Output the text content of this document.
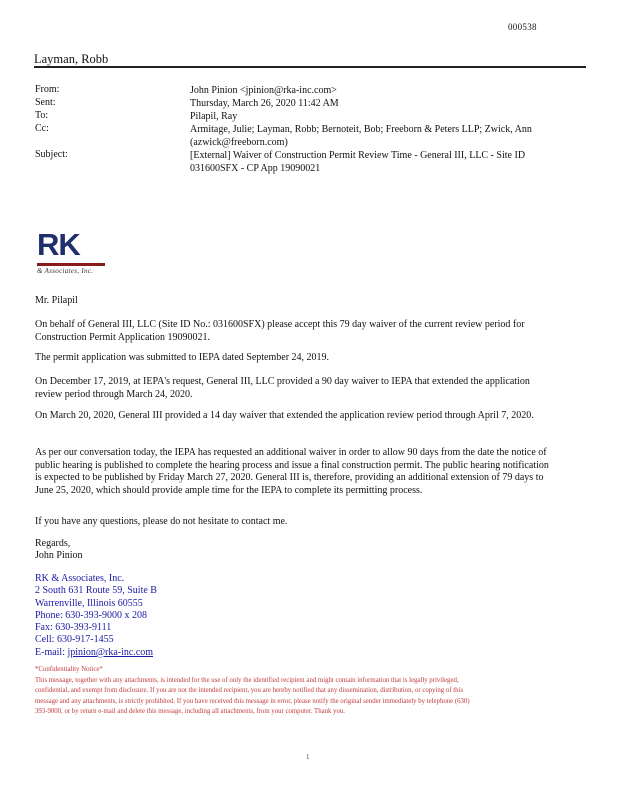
000538
Layman, Robb
From:	John Pinion <jpinion@rka-inc.com>
Sent:	Thursday, March 26, 2020 11:42 AM
To:	Pilapil, Ray
Cc:	Armitage, Julie; Layman, Robb; Bernoteit, Bob; Freeborn & Peters LLP; Zwick, Ann (azwick@freeborn.com)
Subject:	[External] Waiver of Construction Permit Review Time - General III, LLC - Site ID 031600SFX - CP App 19090021
RK
& Associates, Inc.
Mr. Pilapil
On behalf of General III, LLC (Site ID No.: 031600SFX) please accept this 79 day waiver of the current review period for Construction Permit Application 19090021.
The permit application was submitted to IEPA dated September 24, 2019.
On December 17, 2019, at IEPA's request, General III, LLC provided a 90 day waiver to IEPA that extended the application review period through March 24, 2020.
On March 20, 2020, General III provided a 14 day waiver that extended the application review period through April 7, 2020.
As per our conversation today, the IEPA has requested an additional waiver in order to allow 90 days from the date the notice of public hearing is published to complete the hearing process and issue a final construction permit. The public hearing notification is expected to be published by Friday March 27, 2020. General III is, therefore, providing an additional extension of 79 days to June 25, 2020, which should provide ample time for the IEPA to complete its permitting process.
If you have any questions, please do not hesitate to contact me.
Regards,
John Pinion
RK & Associates, Inc.
2 South 631 Route 59, Suite B
Warrenville, Illinois 60555
Phone: 630-393-9000 x 208
Fax: 630-393-9111
Cell: 630-917-1455
E-mail: jpinion@rka-inc.com
*Confidentiality Notice*
This message, together with any attachments, is intended for the use of only the identified recipient and might contain information that is legally privileged, confidential, and exempt from disclosure. If you are not the intended recipient, you are hereby notified that any dissemination, distribution, or copying of this message and any attachments, is strictly prohibited. If you have received this message in error, please notify the original sender immediately by telephone (630) 393-9000, or by return e-mail and delete this message, including all attachments, from your computer. Thank you.
1
